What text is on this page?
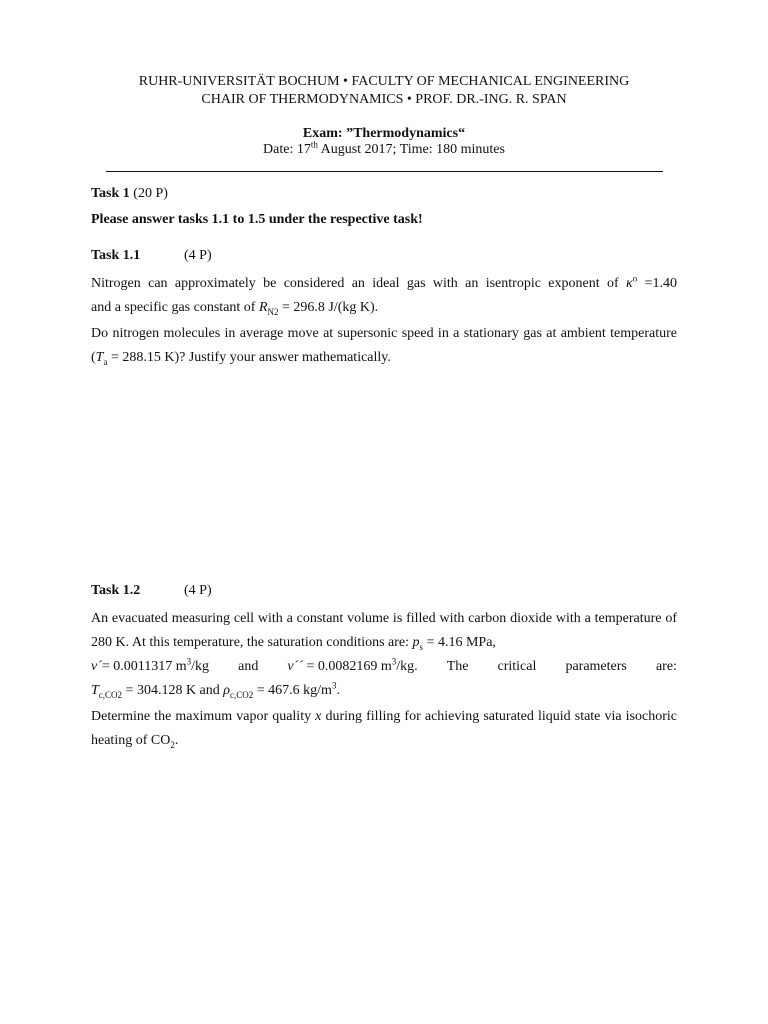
RUHR-UNIVERSITÄT BOCHUM • FACULTY OF MECHANICAL ENGINEERING
CHAIR OF THERMODYNAMICS • PROF. DR.-ING. R. SPAN
Exam: ”Thermodynamics“
Date: 17th August 2017; Time: 180 minutes
Task 1 (20 P)
Please answer tasks 1.1 to 1.5 under the respective task!
Task 1.1	(4 P)
Nitrogen can approximately be considered an ideal gas with an isentropic exponent of $\kappa^o =1.40$
and a specific gas constant of $R_{N2} = 296.8$ J/(kg K).
Do nitrogen molecules in average move at supersonic speed in a stationary gas at ambient temperature ($T_a = 288.15$ K)? Justify your answer mathematically.
Task 1.2	(4 P)
An evacuated measuring cell with a constant volume is filled with carbon dioxide with a temperature of 280 K. At this temperature, the saturation conditions are: $p_s = 4.16$ MPa,
v´= 0.0011317 $m^3/kg$ and v´´ = 0.0082169 $m^3/kg$. The critical parameters are:
$T_{c,CO2} = 304.128$ K and $\rho_{c,CO2} = 467.6$ $kg/m^3$.
Determine the maximum vapor quality x during filling for achieving saturated liquid state via isochoric heating of $CO_2$.
